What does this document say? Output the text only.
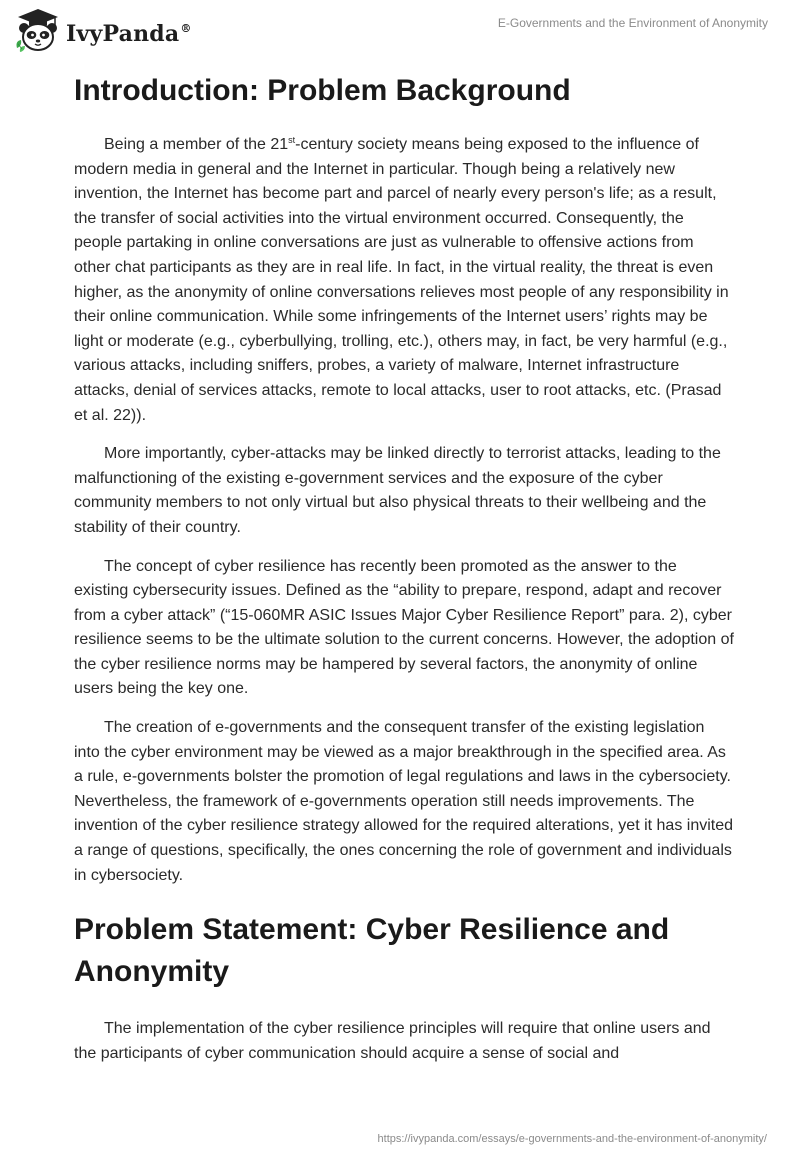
IvyPanda®	E-Governments and the Environment of Anonymity
Introduction: Problem Background

Being a member of the 21st-century society means being exposed to the influence of modern media in general and the Internet in particular. Though being a relatively new invention, the Internet has become part and parcel of nearly every person's life; as a result, the transfer of social activities into the virtual environment occurred. Consequently, the people partaking in online conversations are just as vulnerable to offensive actions from other chat participants as they are in real life. In fact, in the virtual reality, the threat is even higher, as the anonymity of online conversations relieves most people of any responsibility in their online communication. While some infringements of the Internet users’ rights may be light or moderate (e.g., cyberbullying, trolling, etc.), others may, in fact, be very harmful (e.g., various attacks, including sniffers, probes, a variety of malware, Internet infrastructure attacks, denial of services attacks, remote to local attacks, user to root attacks, etc. (Prasad et al. 22)).

More importantly, cyber-attacks may be linked directly to terrorist attacks, leading to the malfunctioning of the existing e-government services and the exposure of the cyber community members to not only virtual but also physical threats to their wellbeing and the stability of their country.

The concept of cyber resilience has recently been promoted as the answer to the existing cybersecurity issues. Defined as the “ability to prepare, respond, adapt and recover from a cyber attack” (“15-060MR ASIC Issues Major Cyber Resilience Report” para. 2), cyber resilience seems to be the ultimate solution to the current concerns. However, the adoption of the cyber resilience norms may be hampered by several factors, the anonymity of online users being the key one.

The creation of e-governments and the consequent transfer of the existing legislation into the cyber environment may be viewed as a major breakthrough in the specified area. As a rule, e-governments bolster the promotion of legal regulations and laws in the cybersociety. Nevertheless, the framework of e-governments operation still needs improvements. The invention of the cyber resilience strategy allowed for the required alterations, yet it has invited a range of questions, specifically, the ones concerning the role of government and individuals in cybersociety.

Problem Statement: Cyber Resilience and Anonymity

The implementation of the cyber resilience principles will require that online users and the participants of cyber communication should acquire a sense of social and

https://ivypanda.com/essays/e-governments-and-the-environment-of-anonymity/
